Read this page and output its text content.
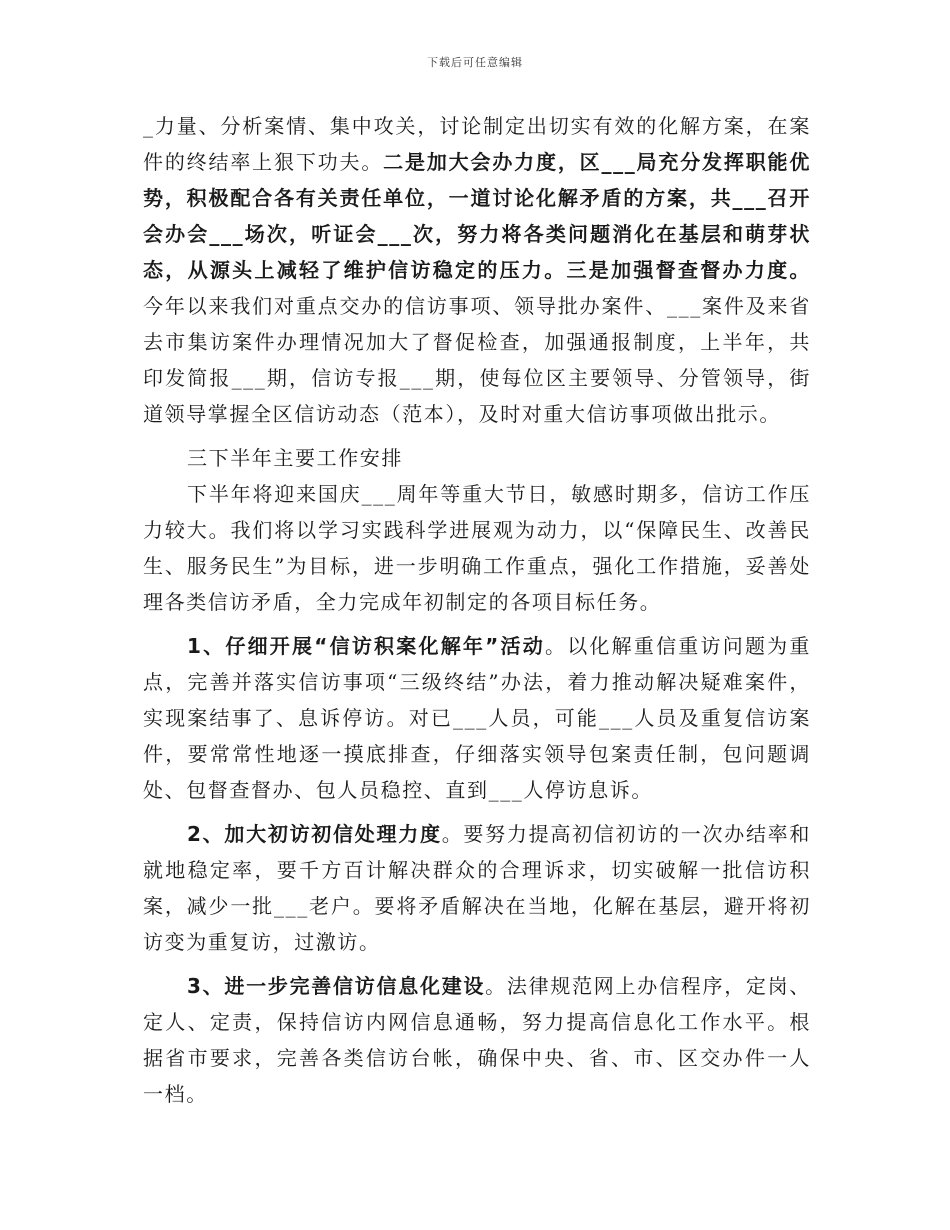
下载后可任意编辑

_力量、分析案情、集中攻关，讨论制定出切实有效的化解方案，在案件的终结率上狠下功夫。二是加大会办力度，区___局充分发挥职能优势，积极配合各有关责任单位，一道讨论化解矛盾的方案，共___召开会办会___场次，听证会___次，努力将各类问题消化在基层和萌芽状态，从源头上减轻了维护信访稳定的压力。三是加强督查督办力度。今年以来我们对重点交办的信访事项、领导批办案件、___案件及来省去市集访案件办理情况加大了督促检查，加强通报制度，上半年，共印发简报___期，信访专报___期，使每位区主要领导、分管领导，街道领导掌握全区信访动态（范本），及时对重大信访事项做出批示。

三下半年主要工作安排

下半年将迎来国庆___周年等重大节日，敏感时期多，信访工作压力较大。我们将以学习实践科学进展观为动力，以“保障民生、改善民生、服务民生”为目标，进一步明确工作重点，强化工作措施，妥善处理各类信访矛盾，全力完成年初制定的各项目标任务。

1、仔细开展“信访积案化解年”活动。以化解重信重访问题为重点，完善并落实信访事项“三级终结”办法，着力推动解决疑难案件，实现案结事了、息诉停访。对已___人员，可能___人员及重复信访案件，要常常性地逐一摸底排查，仔细落实领导包案责任制，包问题调处、包督查督办、包人员稳控、直到___人停访息诉。

2、加大初访初信处理力度。要努力提高初信初访的一次办结率和就地稳定率，要千方百计解决群众的合理诉求，切实破解一批信访积案，减少一批___老户。要将矛盾解决在当地，化解在基层，避开将初访变为重复访，过激访。

3、进一步完善信访信息化建设。法律规范网上办信程序，定岗、定人、定责，保持信访内网信息通畅，努力提高信息化工作水平。根据省市要求，完善各类信访台帐，确保中央、省、市、区交办件一人一档。
